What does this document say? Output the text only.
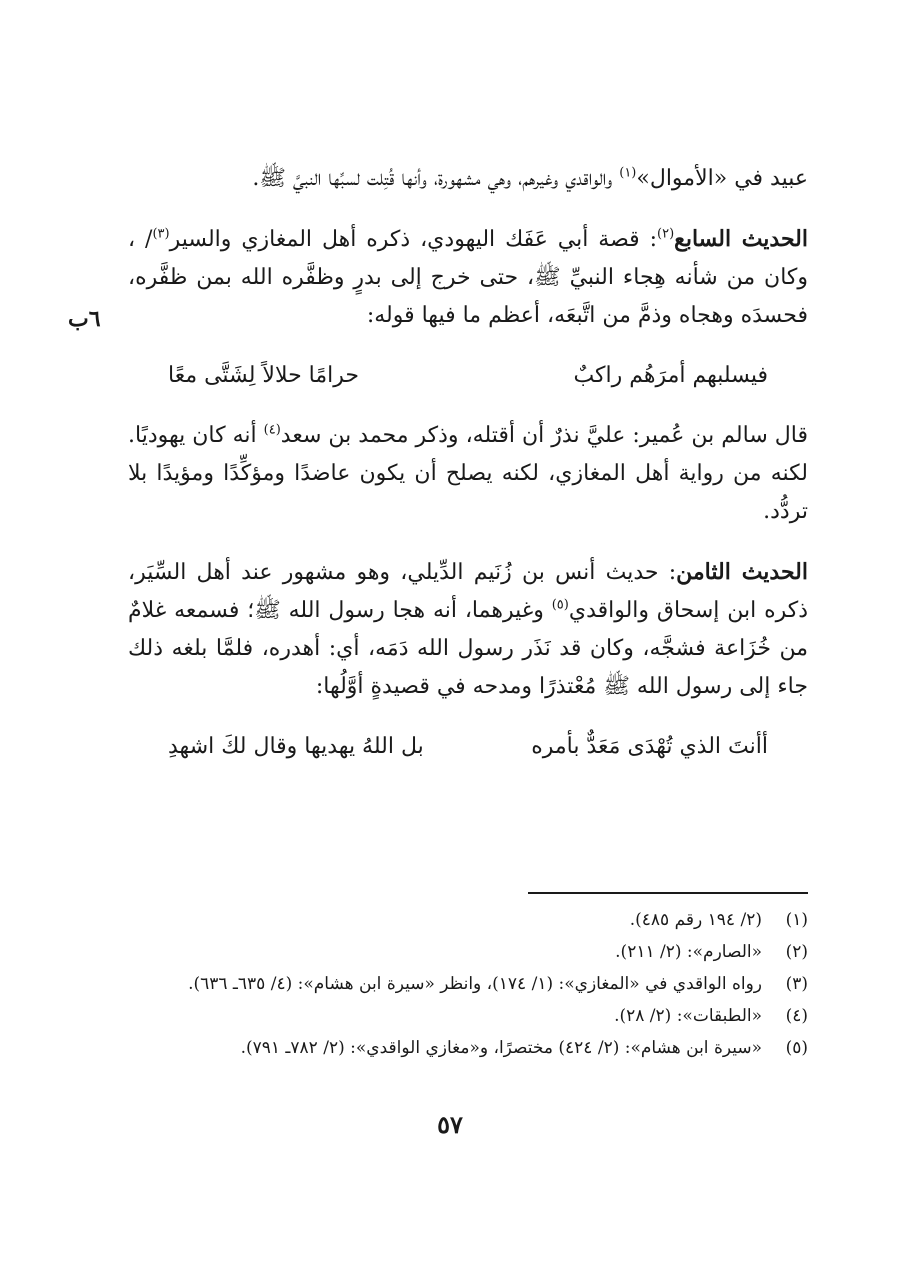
٦ب

عبيد في «الأموال»$^{(١)}$ والواقدي وغيرهم، وهي مشهورة، وأنها قُتِلت لسبِّها النبيَّ ﷺ.

الحديث السابع$^{(٢)}$: قصة أبي عَفَك اليهودي، ذكره أهل المغازي والسير$^{(٣)}$/ ، وكان من شأنه هِجاء النبيِّ ﷺ، حتى خرج إلى بدرٍ وظفَّره الله بمن ظفَّره، فحسدَه وهجاه وذمَّ من اتَّبعَه، أعظم ما فيها قوله:

فيسلبهم أمرَهُم راكبٌ
حرامًا حلالاً لِشَتَّى معًا

قال سالم بن عُمير: عليَّ نذرٌ أن أقتله، وذكر محمد بن سعد$^{(٤)}$ أنه كان يهوديًا. لكنه من رواية أهل المغازي، لكنه يصلح أن يكون عاضدًا ومؤكِّدًا ومؤيدًا بلا تردُّد.

الحديث الثامن: حديث أنس بن زُنَيم الدِّيلي، وهو مشهور عند أهل السِّيَر، ذكره ابن إسحاق والواقدي$^{(٥)}$ وغيرهما، أنه هجا رسول الله ﷺ؛ فسمعه غلامٌ من خُزَاعة فشجَّه، وكان قد نَذَر رسول الله دَمَه، أي: أهدره، فلمَّا بلغه ذلك جاء إلى رسول الله ﷺ مُعْتذرًا ومدحه في قصيدةٍ أوَّلُها:

أأنتَ الذي تُهْدَى مَعَدٌّ بأمره
بل اللهُ يهديها وقال لكَ اشهدِ
(١)
(٢/ ١٩٤ رقم ٤٨٥).
(٢)
«الصارم»: (٢/ ٢١١).
(٣)
رواه الواقدي في «المغازي»: (١/ ١٧٤)، وانظر «سيرة ابن هشام»: (٤/ ٦٣٥ـ ٦٣٦).
(٤)
«الطبقات»: (٢/ ٢٨).
(٥)
«سيرة ابن هشام»: (٢/ ٤٢٤) مختصرًا، و«مغازي الواقدي»: (٢/ ٧٨٢ـ ٧٩١).
٥٧
